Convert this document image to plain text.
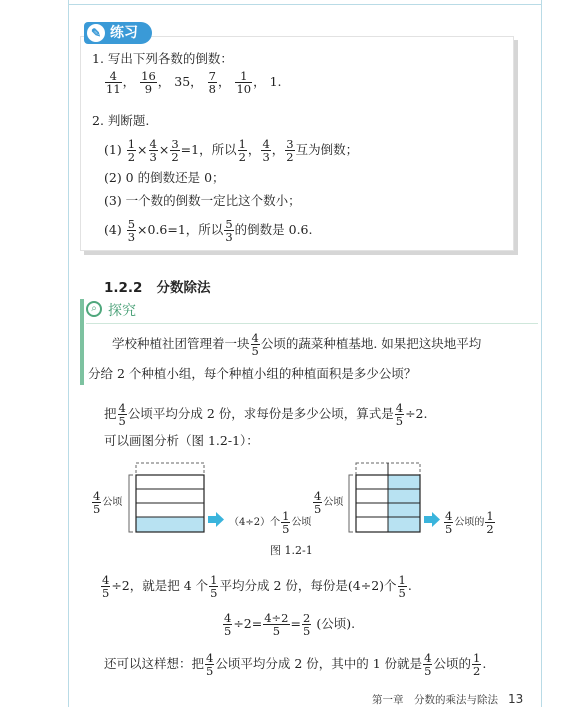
✎ 练习
1. 写出下列各数的倒数：
$\frac{4}{11}$ ， $\frac{16}{9}$ ， 35， $\frac{7}{8}$ ， $\frac{1}{10}$ ， 1.
2. 判断题.
$(1) \frac{1}{2} \times \frac{4}{3} \times \frac{3}{2} =1$，所以 $\frac{1}{2}$ ， $\frac{4}{3}$ ， $\frac{3}{2}$ 互为倒数；
(2) 0 的倒数还是 0；
(3) 一个数的倒数一定比这个数小；
$(4) \frac{5}{3} \times 0.6=1$，所以 $\frac{5}{3}$ 的倒数是 0.6.
1.2.2 分数除法
⌕ 探究
学校种植社团管理着一块 $\frac{4}{5}$ 公顷的蔬菜种植基地. 如果把这块地平均
分给 2 个种植小组，每个种植小组的种植面积是多少公顷？
把 $\frac{4}{5}$ 公顷平均分成 2 份，求每份是多少公顷，算式是 $\frac{4}{5} \div 2$.
可以画图分析（图 1.2-1）：
$\frac{4}{5}$ 公顷
（4÷2）个 $\frac{1}{5}$ 公顷
$\frac{4}{5}$ 公顷
$\frac{4}{5}$ 公顷的 $\frac{1}{2}$
图 1.2-1
$\frac{4}{5} \div 2$，就是把 4 个 $\frac{1}{5}$ 平均分成 2 份，每份是(4÷2)个 $\frac{1}{5}$ .
$\frac{4}{5} \div 2= \frac{4\div 2}{5} = \frac{2}{5}$ (公顷).
还可以这样想：把 $\frac{4}{5}$ 公顷平均分成 2 份，其中的 1 份就是 $\frac{4}{5}$ 公顷的 $\frac{1}{2}$ .
第一章　分数的乘法与除法 13
